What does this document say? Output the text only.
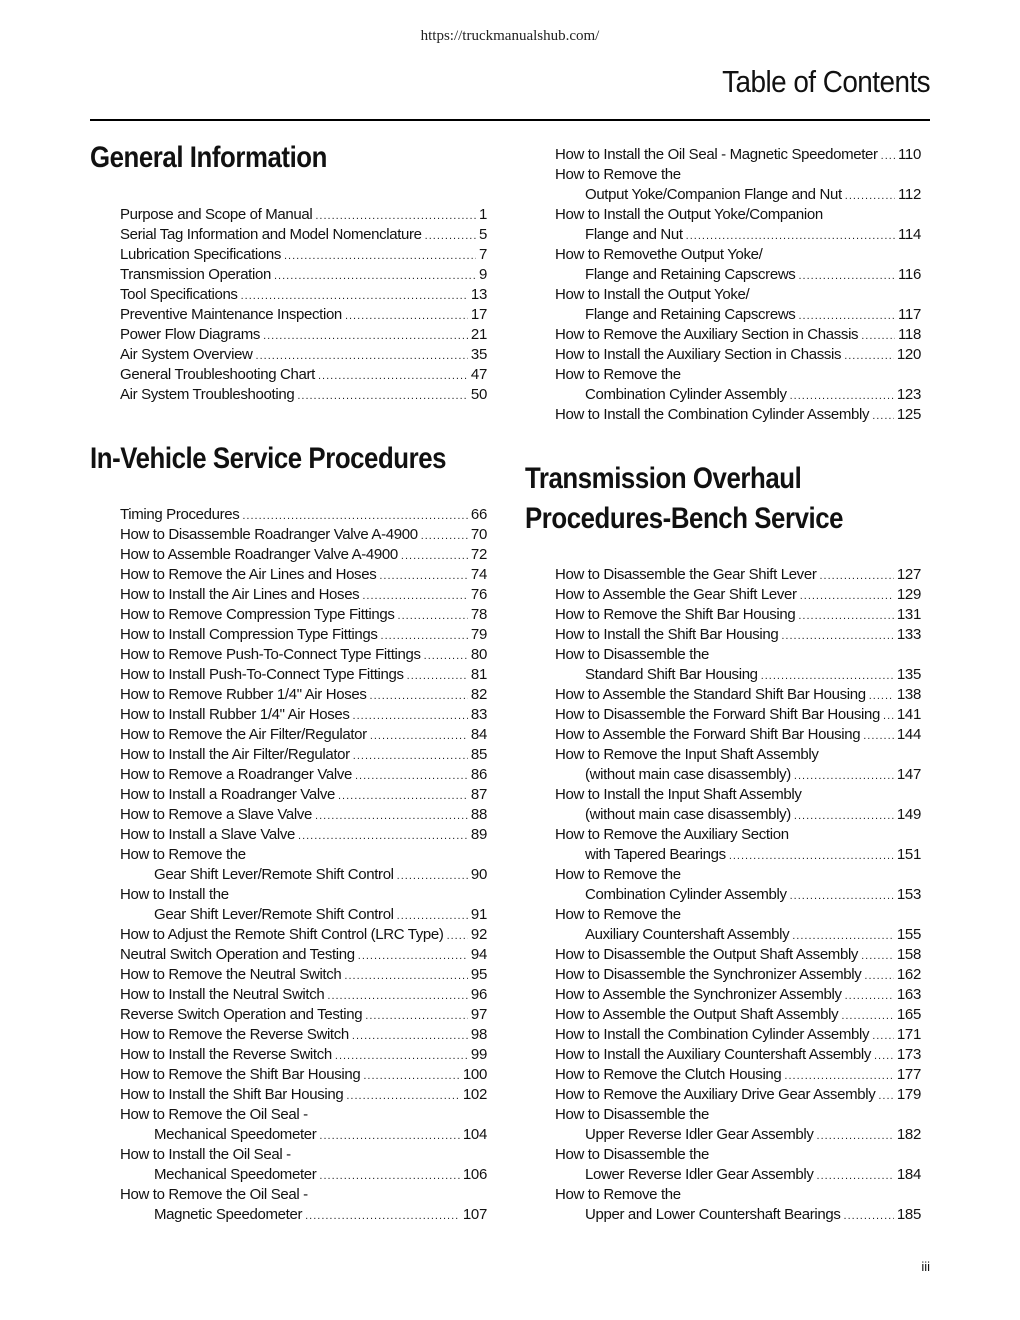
https://truckmanualshub.com/
Table of Contents
General Information
Purpose and Scope of Manual .....	1
Serial Tag Information and Model Nomenclature .....	5
Lubrication Specifications .....	7
Transmission Operation .....	9
Tool Specifications .....	13
Preventive Maintenance Inspection .....	17
Power Flow Diagrams .....	21
Air System Overview .....	35
General Troubleshooting Chart .....	47
Air System Troubleshooting .....	50
In-Vehicle Service Procedures
Timing Procedures .....	66
How to Disassemble Roadranger Valve A-4900 .....	70
How to Assemble Roadranger Valve A-4900 .....	72
How to Remove the Air Lines and Hoses .....	74
How to Install the Air Lines and Hoses .....	76
How to Remove Compression Type Fittings .....	78
How to Install Compression Type Fittings .....	79
How to Remove Push-To-Connect Type Fittings .....	80
How to Install Push-To-Connect Type Fittings .....	81
How to Remove Rubber 1/4" Air Hoses .....	82
How to Install Rubber 1/4" Air Hoses .....	83
How to Remove the Air Filter/Regulator .....	84
How to Install the Air Filter/Regulator .....	85
How to Remove a Roadranger Valve .....	86
How to Install a Roadranger Valve .....	87
How to Remove a Slave Valve .....	88
How to Install a Slave Valve .....	89
How to Remove the
Gear Shift Lever/Remote Shift Control .....	90
How to Install the
Gear Shift Lever/Remote Shift Control .....	91
How to Adjust the Remote Shift Control (LRC Type) ..... 92
Neutral Switch Operation and Testing .....	94
How to Remove the Neutral Switch .....	95
How to Install the Neutral Switch .....	96
Reverse Switch Operation and Testing .....	97
How to Remove the Reverse Switch .....	98
How to Install the Reverse Switch .....	99
How to Remove the Shift Bar Housing .....	100
How to Install the Shift Bar Housing .....	102
How to Remove the Oil Seal -
Mechanical Speedometer .....	104
How to Install the Oil Seal -
Mechanical Speedometer .....	106
How to Remove the Oil Seal -
Magnetic Speedometer .....	107
How to Install the Oil Seal - Magnetic Speedometer ..... 110
How to Remove the
Output Yoke/Companion Flange and Nut .....	112
How to Install the Output Yoke/Companion
Flange and Nut .....	114
How to Removethe Output Yoke/
Flange and Retaining Capscrews .....	116
How to Install the Output Yoke/
Flange and Retaining Capscrews .....	117
How to Remove the Auxiliary Section in Chassis .....	118
How to Install the Auxiliary Section in Chassis .....	120
How to Remove the
Combination Cylinder Assembly .....	123
How to Install the Combination Cylinder Assembly ..... 125
Transmission Overhaul
Procedures-Bench Service
How to Disassemble the Gear Shift Lever .....	127
How to Assemble the Gear Shift Lever .....	129
How to Remove the Shift Bar Housing .....	131
How to Install the Shift Bar Housing .....	133
How to Disassemble the
Standard Shift Bar Housing .....	135
How to Assemble the Standard Shift Bar Housing ..... 138
How to Disassemble the Forward Shift Bar Housing ..... 141
How to Assemble the Forward Shift Bar Housing ..... 144
How to Remove the Input Shaft Assembly
(without main case disassembly) .....	147
How to Install the Input Shaft Assembly
(without main case disassembly) .....	149
How to Remove the Auxiliary Section
with Tapered Bearings .....	151
How to Remove the
Combination Cylinder Assembly .....	153
How to Remove the
Auxiliary Countershaft Assembly .....	155
How to Disassemble the Output Shaft Assembly .....	158
How to Disassemble the Synchronizer Assembly ..... 162
How to Assemble the Synchronizer Assembly .....	163
How to Assemble the Output Shaft Assembly .....	165
How to Install the Combination Cylinder Assembly ..... 171
How to Install the Auxiliary Countershaft Assembly ..... 173
How to Remove the Clutch Housing .....	177
How to Remove the Auxiliary Drive Gear Assembly ..... 179
How to Disassemble the
Upper Reverse Idler Gear Assembly .....	182
How to Disassemble the
Lower Reverse Idler Gear Assembly .....	184
How to Remove the
Upper and Lower Countershaft Bearings .....	185
iii
